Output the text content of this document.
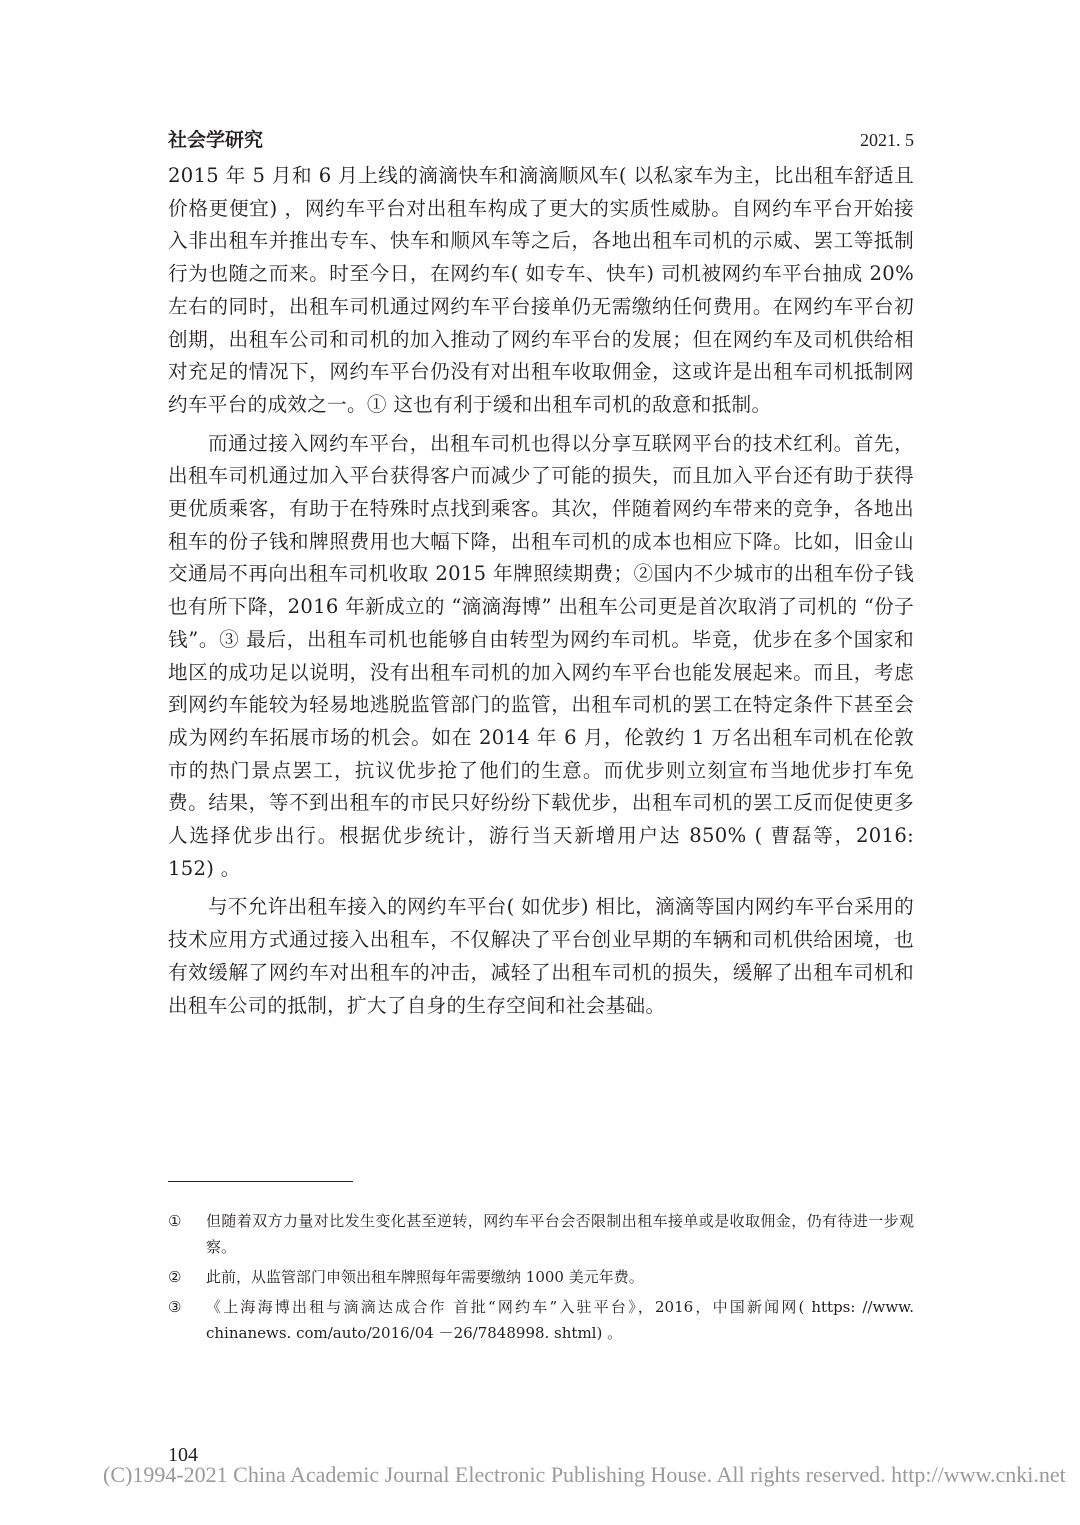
社会学研究	2021. 5

2015 年 5 月和 6 月上线的滴滴快车和滴滴顺风车( 以私家车为主，比出租车舒适且价格更便宜) ，网约车平台对出租车构成了更大的实质性威胁。自网约车平台开始接入非出租车并推出专车、快车和顺风车等之后，各地出租车司机的示威、罢工等抵制行为也随之而来。时至今日，在网约车( 如专车、快车) 司机被网约车平台抽成 20% 左右的同时，出租车司机通过网约车平台接单仍无需缴纳任何费用。在网约车平台初创期，出租车公司和司机的加入推动了网约车平台的发展；但在网约车及司机供给相对充足的情况下，网约车平台仍没有对出租车收取佣金，这或许是出租车司机抵制网约车平台的成效之一。① 这也有利于缓和出租车司机的敌意和抵制。

而通过接入网约车平台，出租车司机也得以分享互联网平台的技术红利。首先，出租车司机通过加入平台获得客户而减少了可能的损失，而且加入平台还有助于获得更优质乘客，有助于在特殊时点找到乘客。其次，伴随着网约车带来的竞争，各地出租车的份子钱和牌照费用也大幅下降，出租车司机的成本也相应下降。比如，旧金山交通局不再向出租车司机收取 2015 年牌照续期费；②国内不少城市的出租车份子钱也有所下降，2016 年新成立的 “滴滴海博” 出租车公司更是首次取消了司机的 “份子钱”。③ 最后，出租车司机也能够自由转型为网约车司机。毕竟，优步在多个国家和地区的成功足以说明，没有出租车司机的加入网约车平台也能发展起来。而且，考虑到网约车能较为轻易地逃脱监管部门的监管，出租车司机的罢工在特定条件下甚至会成为网约车拓展市场的机会。如在 2014 年 6 月，伦敦约 1 万名出租车司机在伦敦市的热门景点罢工，抗议优步抢了他们的生意。而优步则立刻宣布当地优步打车免费。结果，等不到出租车的市民只好纷纷下载优步，出租车司机的罢工反而促使更多人选择优步出行。根据优步统计，游行当天新增用户达 850% ( 曹磊等，2016: 152) 。

与不允许出租车接入的网约车平台( 如优步) 相比，滴滴等国内网约车平台采用的技术应用方式通过接入出租车，不仅解决了平台创业早期的车辆和司机供给困境，也有效缓解了网约车对出租车的冲击，减轻了出租车司机的损失，缓解了出租车司机和出租车公司的抵制，扩大了自身的生存空间和社会基础。

①	但随着双方力量对比发生变化甚至逆转，网约车平台会否限制出租车接单或是收取佣金，仍有待进一步观察。
②	此前，从监管部门申领出租车牌照每年需要缴纳 1000 美元年费。
③	《上海海博出租与滴滴达成合作 首批“网约车”入驻平台》，2016，中国新闻网( https: //www. chinanews. com/auto/2016/04 －26/7848998. shtml) 。
104
(C)1994-2021 China Academic Journal Electronic Publishing House. All rights reserved. http://www.cnki.net
